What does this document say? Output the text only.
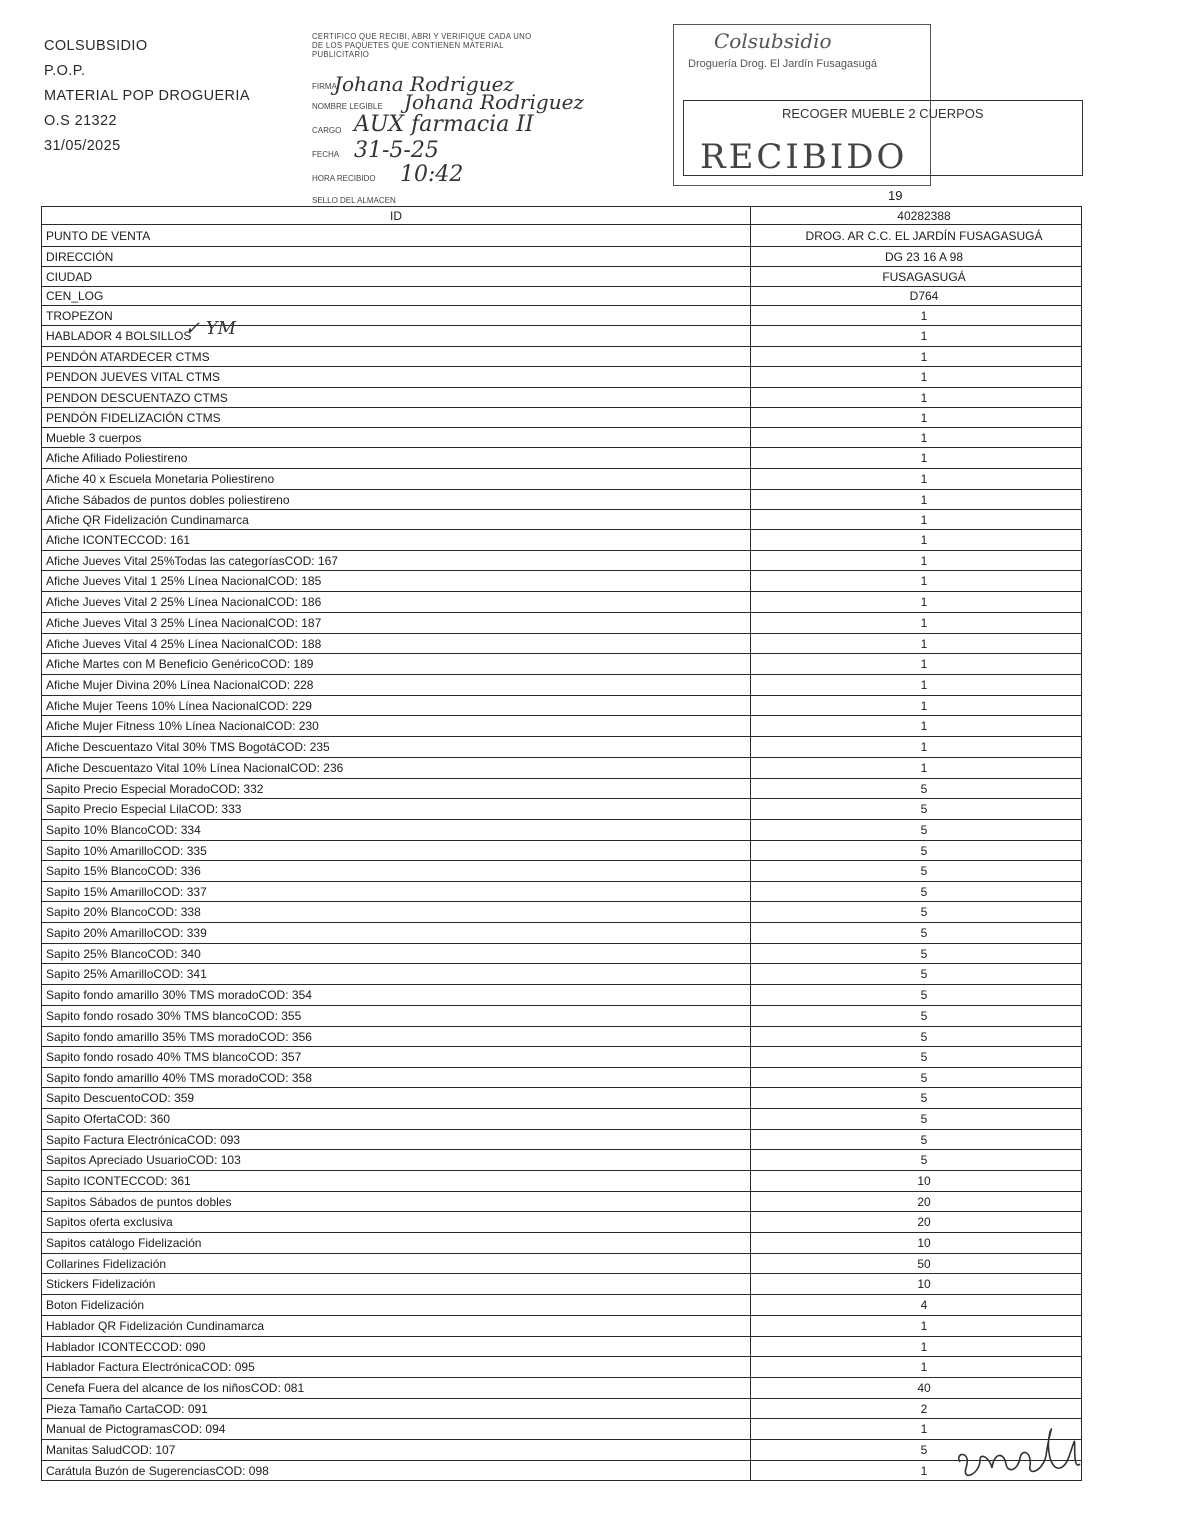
COLSUBSIDIO
P.O.P.
MATERIAL POP DROGUERIA
O.S 21322
31/05/2025
CERTIFICO QUE RECIBI, ABRI Y VERIFIQUE CADA UNO DE LOS PAQUETES QUE CONTIENEN MATERIAL PUBLICITARIO
FIRMA
Johana Rodriguez
NOMBRE LEGIBLE Johana Rodriguez
CARGO AUX farmacia II
FECHA 31-5-25
HORA RECIBIDO 10:42
SELLO DEL ALMACEN
Colsubsidio
Droguería Drog. El Jardín Fusagasugá
RECIBIDO
RECOGER MUEBLE 2 CUERPOS
19
ID	40282388
PUNTO DE VENTA	DROG. AR C.C. EL JARDÍN FUSAGASUGÁ
DIRECCIÓN	DG 23 16 A 98
CIUDAD	FUSAGASUGÁ
CEN_LOG	D764
TROPEZON	1
HABLADOR 4 BOLSILLOS	1
PENDÓN ATARDECER CTMS	1
PENDON JUEVES VITAL CTMS	1
PENDON DESCUENTAZO CTMS	1
PENDÓN FIDELIZACIÓN CTMS	1
Mueble 3 cuerpos	1
Afiche Afiliado Poliestireno	1
Afiche 40 x Escuela Monetaria Poliestireno	1
Afiche Sábados de puntos dobles poliestireno	1
Afiche QR Fidelización Cundinamarca	1
Afiche ICONTECCOD: 161	1
Afiche Jueves Vital 25%Todas las categoríasCOD: 167	1
Afiche Jueves Vital 1 25% Línea NacionalCOD: 185	1
Afiche Jueves Vital 2 25% Línea NacionalCOD: 186	1
Afiche Jueves Vital 3 25% Línea NacionalCOD: 187	1
Afiche Jueves Vital 4 25% Línea NacionalCOD: 188	1
Afiche Martes con M Beneficio GenéricoCOD: 189	1
Afiche Mujer Divina 20% Línea NacionalCOD: 228	1
Afiche Mujer Teens 10% Línea NacionalCOD: 229	1
Afiche Mujer Fitness 10% Línea NacionalCOD: 230	1
Afiche Descuentazo Vital 30% TMS BogotáCOD: 235	1
Afiche Descuentazo Vital 10% Línea NacionalCOD: 236	1
Sapito Precio Especial MoradoCOD: 332	5
Sapito Precio Especial LilaCOD: 333	5
Sapito 10% BlancoCOD: 334	5
Sapito 10% AmarilloCOD: 335	5
Sapito 15% BlancoCOD: 336	5
Sapito 15% AmarilloCOD: 337	5
Sapito 20% BlancoCOD: 338	5
Sapito 20% AmarilloCOD: 339	5
Sapito 25% BlancoCOD: 340	5
Sapito 25% AmarilloCOD: 341	5
Sapito fondo amarillo 30% TMS moradoCOD: 354	5
Sapito fondo rosado 30% TMS blancoCOD: 355	5
Sapito fondo amarillo 35% TMS moradoCOD: 356	5
Sapito fondo rosado 40% TMS blancoCOD: 357	5
Sapito fondo amarillo 40% TMS moradoCOD: 358	5
Sapito DescuentoCOD: 359	5
Sapito OfertaCOD: 360	5
Sapito Factura ElectrónicaCOD: 093	5
Sapitos Apreciado UsuarioCOD: 103	5
Sapito ICONTECCOD: 361	10
Sapitos Sábados de puntos dobles	20
Sapitos oferta exclusiva	20
Sapitos catálogo Fidelización	10
Collarines Fidelización	50
Stickers Fidelización	10
Boton Fidelización	4
Hablador QR Fidelización Cundinamarca	1
Hablador ICONTECCOD: 090	1
Hablador Factura ElectrónicaCOD: 095	1
Cenefa Fuera del alcance de los niñosCOD: 081	40
Pieza Tamaño CartaCOD: 091	2
Manual de PictogramasCOD: 094	1
Manitas SaludCOD: 107	5
Carátula Buzón de SugerenciasCOD: 098	1
✓ YM
